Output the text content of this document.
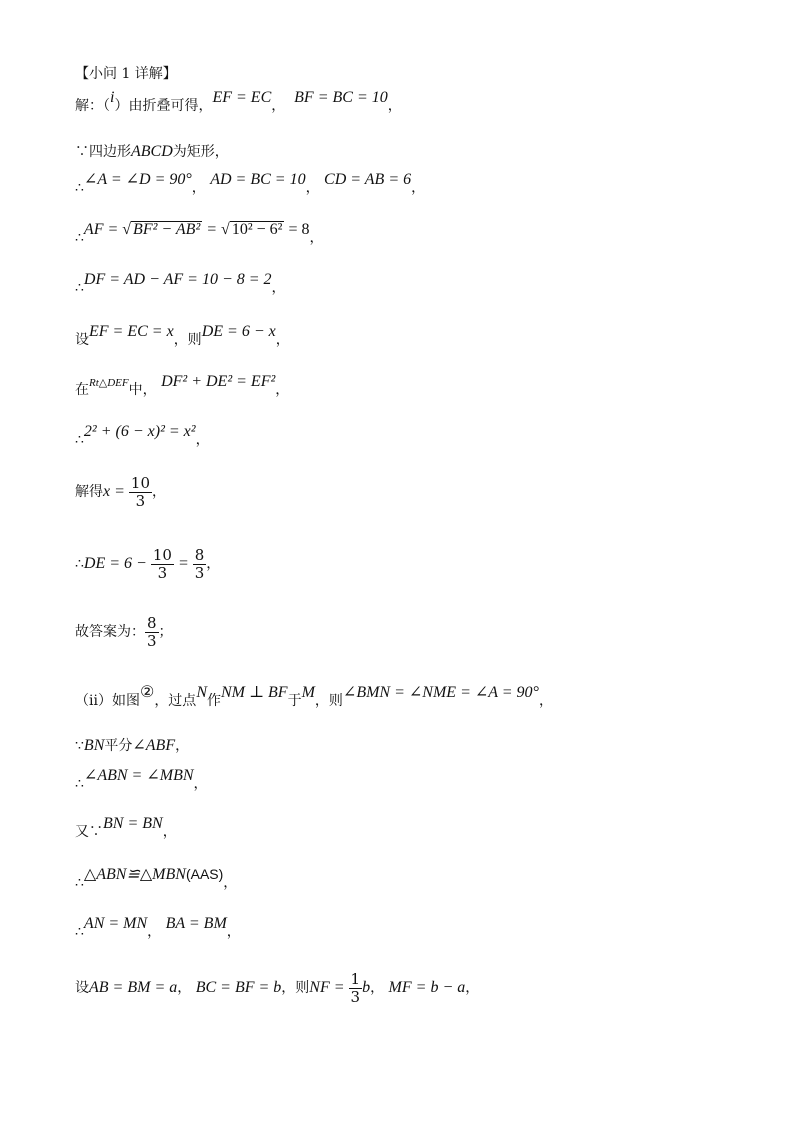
【小问 1 详解】
解：（i）由折叠可得，EF = EC， BF = BC = 10，
∵四边形ABCD为矩形，
∴∠A = ∠D = 90°， AD = BC = 10， CD = AB = 6，
∴AF = √ BF² − AB² = √ 10² − 6² = 8，
∴DF = AD − AF = 10 − 8 = 2，
设EF = EC = x，则DE = 6 − x，
在$^{Rt\triangle DEF}$中， DF² + DE² = EF²，
∴2² + (6 − x)² = x²，
解得$x = \frac{10}{3}$ ，
∴DE = $6 - \frac{10}{3} = \frac{8}{3}$ ，
故答案为： $\frac{8}{3}$ ；
（ii）如图②，过点N作NM ⊥ BF于M，则∠BMN = ∠NME = ∠A = 90°，
∵BN平分∠ABF，
∴∠ABN = ∠MBN，
又∵BN = BN，
∴△ABN≌△MBN(AAS)，
∴AN = MN， BA = BM，
设AB = BM = a， BC = BF = b，则NF = $\frac{1}{3}$ b， MF = b − a，
